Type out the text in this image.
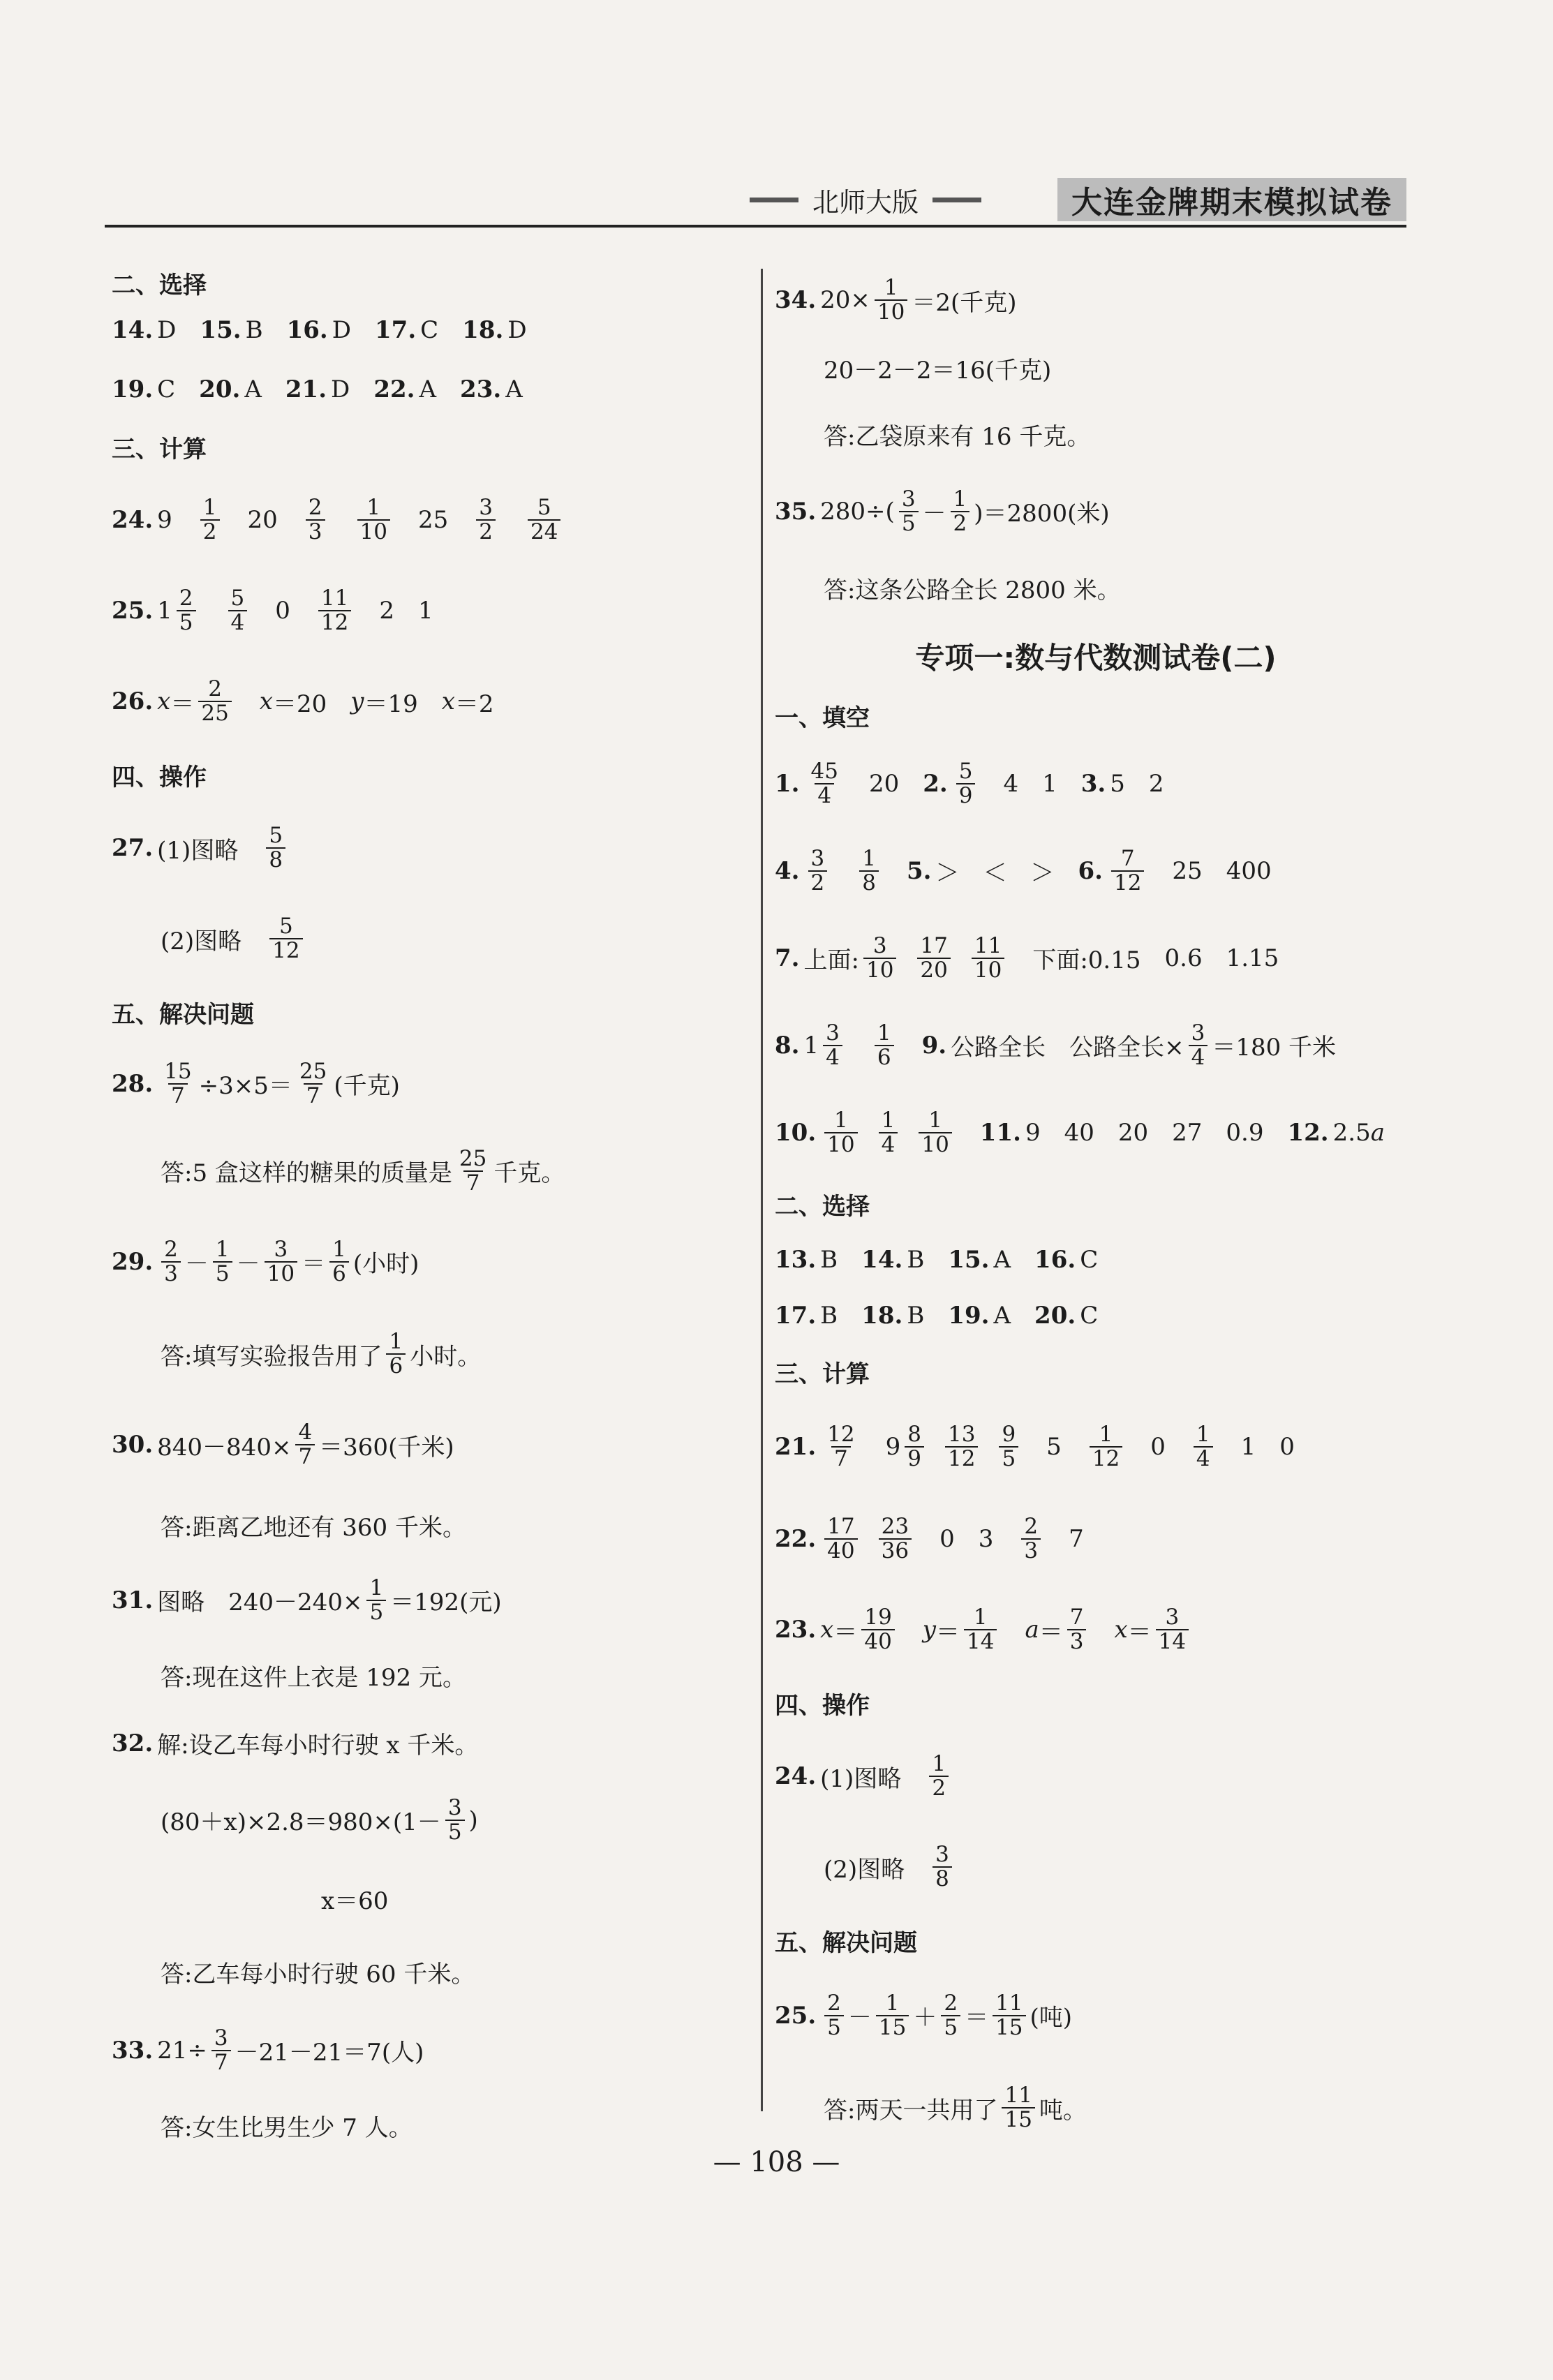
北师大版	大连金牌期末模拟试卷
二、选择
14. D 15. B 16. D 17. C 18. D
19. C 20. A 21. D 22. A 23. A
三、计算
24. $9 \frac{1}{2} 20 \frac{2}{3} \frac{1}{10} 25 \frac{3}{2} \frac{5}{24}$
25. $1 \frac{2}{5} \frac{5}{4} 0 \frac{11}{12} 2$ 1
26. $x = \frac{2}{25}$ x ＝20 y ＝19 x ＝2
四、操作
27. (1)图略 $\frac{5}{8}$
(2)图略 $\frac{5}{12}$
五、解决问题
28. $\frac{15}{7} \div 3\times 5= \frac{25}{7}$ (千克)
答:5 盒这样的糖果的质量是 $\frac{25}{7}$ 千克。
29. $\frac{2}{3} - \frac{1}{5} - \frac{3}{10} = \frac{1}{6}$ (小时)
答:填写实验报告用了 $\frac{1}{6}$ 小时。
30. $840-840\times \frac{4}{7} =360$(千米)
答:距离乙地还有 360 千米。
31. 图略　$240-240\times \frac{1}{5} =192$(元)
答:现在这件上衣是 192 元。
32. 解:设乙车每小时行驶 x 千米。
$(80+x)\times 2.8=980\times(1- \frac{3}{5}$ )
x＝60
答:乙车每小时行驶 60 千米。
33. $21\div \frac{3}{7} -21-21=7$(人)
答:女生比男生少 7 人。
34. $20\times \frac{1}{10} =2$(千克)
20－2－2＝16(千克)
答:乙袋原来有 16 千克。
35. $280\div( \frac{3}{5} - \frac{1}{2} )=2800$(米)
答:这条公路全长 2800 米。
专项一:数与代数测试卷(二)
一、填空
1. $\frac{45}{4} 20$ 2. $\frac{5}{9} 4$ 1 3. 5 2
4. $\frac{3}{2} \frac{1}{8} 5$. ＞ ＜ ＞ 6. $\frac{7}{12} 25$ 400
7. 上面: $\frac{3}{10} \frac{17}{20} \frac{11}{10}$ 下面:0.15 0.6 1.15
8. $1 \frac{3}{4} \frac{1}{6} 9$. 公路全长 公路全长× $\frac{3}{4} =180$ 千米
10. $\frac{1}{10} \frac{1}{4} \frac{1}{10} 11$. 9 40 20 27 0.9 12. 2.5 a
二、选择
13. B 14. B 15. A 16. C
17. B 18. B 19. A 20. C
三、计算
21. $\frac{12}{7} 9 \frac{8}{9} \frac{13}{12} \frac{9}{5} 5 \frac{1}{12} 0 \frac{1}{4} 1$ 0
22. $\frac{17}{40} \frac{23}{36} 0$ $3 \frac{2}{3} 7$
23. $x = \frac{19}{40}$ $y = \frac{1}{14}$ $a = \frac{7}{3}$ $x = \frac{3}{14}$
四、操作
24. (1)图略 $\frac{1}{2}$
(2)图略 $\frac{3}{8}$
五、解决问题
25. $\frac{2}{5} - \frac{1}{15} + \frac{2}{5} = \frac{11}{15}$ (吨)
答:两天一共用了 $\frac{11}{15}$ 吨。
— 108 —
